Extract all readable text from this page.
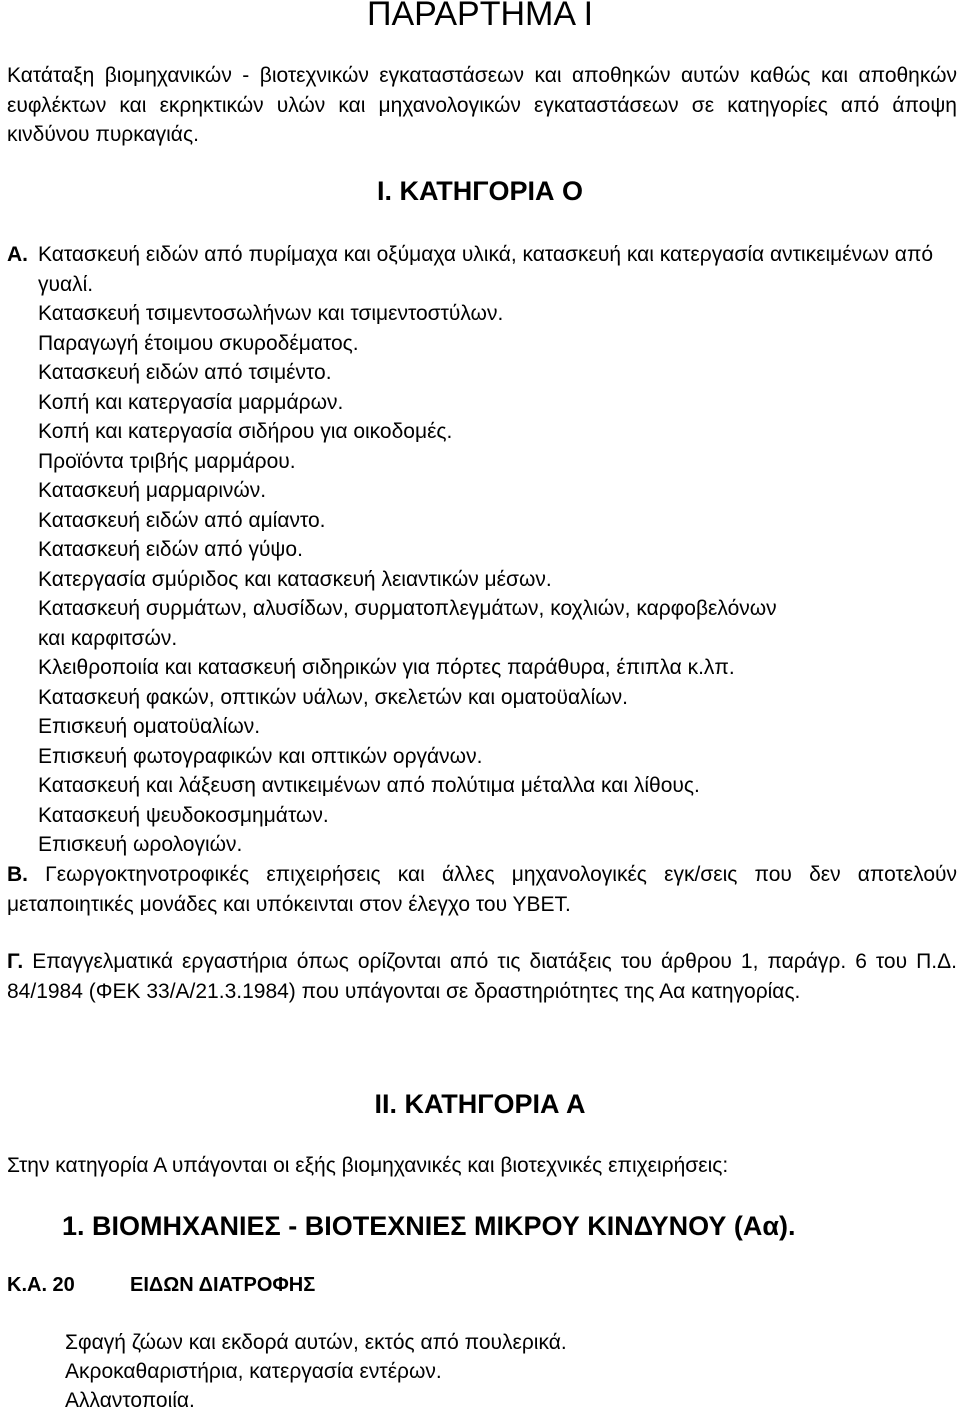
ΠΑΡΑΡΤΗΜΑ Ι

Κατάταξη βιομηχανικών - βιοτεχνικών εγκαταστάσεων και αποθηκών αυτών καθώς και αποθηκών ευφλέκτων και εκρηκτικών υλών και μηχανολογικών εγκαταστάσεων σε κατηγορίες από άποψη κινδύνου πυρκαγιάς.

Ι. ΚΑΤΗΓΟΡΙΑ Ο
Α. Κατασκευή ειδών από πυρίμαχα και οξύμαχα υλικά, κατασκευή και κατεργασία αντικειμένων από γυαλί.

Κατασκευή τσιμεντοσωλήνων και τσιμεντοστύλων.
Παραγωγή έτοιμου σκυροδέματος.
Κατασκευή ειδών από τσιμέντο.
Κοπή και κατεργασία μαρμάρων.
Κοπή και κατεργασία σιδήρου για οικοδομές.
Προϊόντα τριβής μαρμάρου.
Κατασκευή μαρμαρινών.
Κατασκευή ειδών από αμίαντο.
Κατασκευή ειδών από γύψο.
Κατεργασία σμύριδος και κατασκευή λειαντικών μέσων.
Κατασκευή συρμάτων, αλυσίδων, συρματοπλεγμάτων, κοχλιών, καρφοβελόνων
και καρφιτσών.
Κλειθροποιία και κατασκευή σιδηρικών για πόρτες παράθυρα, έπιπλα κ.λπ.
Κατασκευή φακών, οπτικών υάλων, σκελετών και οματοϋαλίων.
Επισκευή οματοϋαλίων.
Επισκευή φωτογραφικών και οπτικών οργάνων.
Κατασκευή και λάξευση αντικειμένων από πολύτιμα μέταλλα και λίθους.
Κατασκευή ψευδοκοσμημάτων.
Επισκευή ωρολογιών.

Β. Γεωργοκτηνοτροφικές επιχειρήσεις και άλλες μηχανολογικές εγκ/σεις που δεν αποτελούν μεταποιητικές μονάδες και υπόκεινται στον έλεγχο του ΥΒΕΤ.

Γ. Επαγγελματικά εργαστήρια όπως ορίζονται από τις διατάξεις του άρθρου 1, παράγρ. 6 του Π.Δ. 84/1984 (ΦΕΚ 33/Α/21.3.1984) που υπάγονται σε δραστηριότητες της Αα κατηγορίας.

ΙΙ. ΚΑΤΗΓΟΡΙΑ Α

Στην κατηγορία Α υπάγονται οι εξής βιομηχανικές και βιοτεχνικές επιχειρήσεις:

1. ΒΙΟΜΗΧΑΝΙΕΣ - ΒΙΟΤΕΧΝΙΕΣ ΜΙΚΡΟΥ ΚΙΝΔΥΝΟΥ (Αα).
Κ.Α. 20	ΕΙΔΩΝ ΔΙΑΤΡΟΦΗΣ
Σφαγή ζώων και εκδορά αυτών, εκτός από πουλερικά.
Ακροκαθαριστήρια, κατεργασία εντέρων.
Αλλαντοποιία.
